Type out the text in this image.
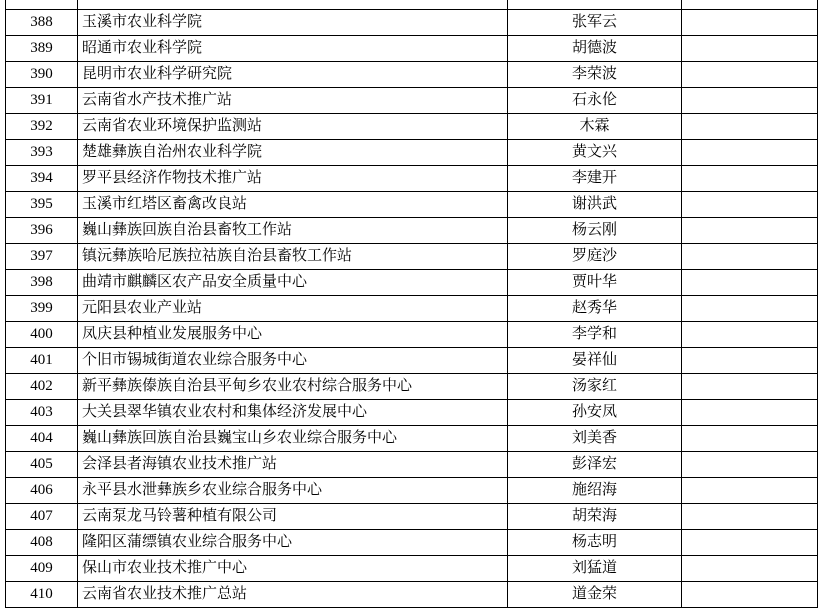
388	玉溪市农业科学院	张军云	
389	昭通市农业科学院	胡德波	
390	昆明市农业科学研究院	李荣波	
391	云南省水产技术推广站	石永伦	
392	云南省农业环境保护监测站	木霖	
393	楚雄彝族自治州农业科学院	黄文兴	
394	罗平县经济作物技术推广站	李建开	
395	玉溪市红塔区畜禽改良站	谢洪武	
396	巍山彝族回族自治县畜牧工作站	杨云刚	
397	镇沅彝族哈尼族拉祜族自治县畜牧工作站	罗庭沙	
398	曲靖市麒麟区农产品安全质量中心	贾叶华	
399	元阳县农业产业站	赵秀华	
400	凤庆县种植业发展服务中心	李学和	
401	个旧市锡城街道农业综合服务中心	晏祥仙	
402	新平彝族傣族自治县平甸乡农业农村综合服务中心	汤家红	
403	大关县翠华镇农业农村和集体经济发展中心	孙安凤	
404	巍山彝族回族自治县巍宝山乡农业综合服务中心	刘美香	
405	会泽县者海镇农业技术推广站	彭泽宏	
406	永平县水泄彝族乡农业综合服务中心	施绍海	
407	云南泵龙马铃薯种植有限公司	胡荣海	
408	隆阳区蒲缥镇农业综合服务中心	杨志明	
409	保山市农业技术推广中心	刘猛道	
410	云南省农业技术推广总站	道金荣	
